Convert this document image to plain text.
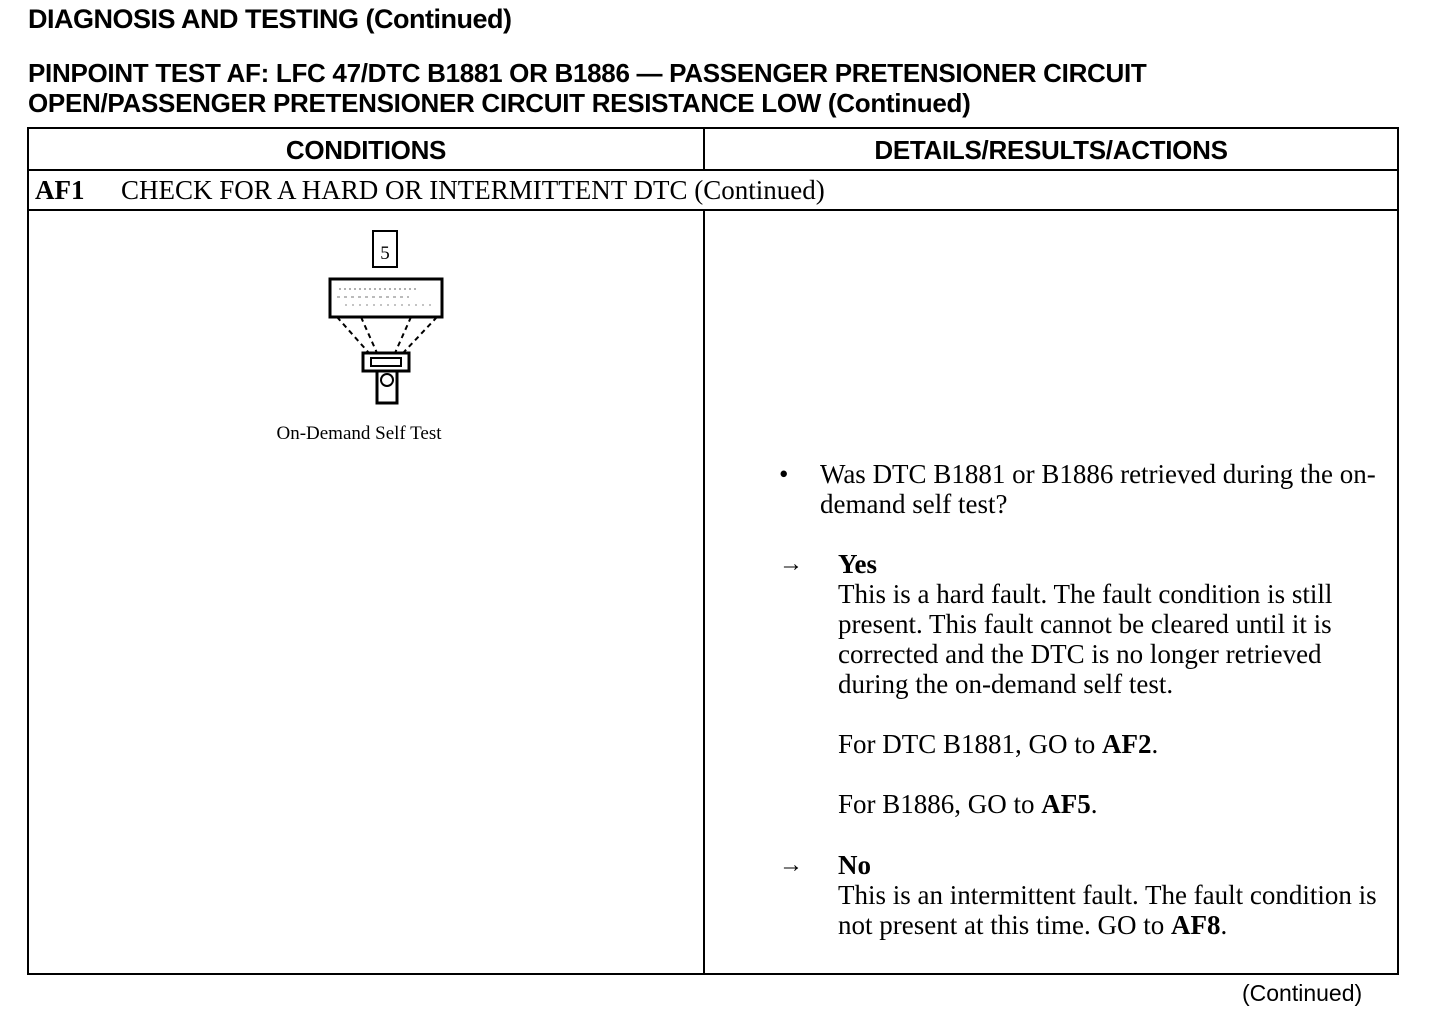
DIAGNOSIS AND TESTING (Continued)
PINPOINT TEST AF: LFC 47/DTC B1881 OR B1886 — PASSENGER PRETENSIONER CIRCUIT
OPEN/PASSENGER PRETENSIONER CIRCUIT RESISTANCE LOW (Continued)
CONDITIONS	DETAILS/RESULTS/ACTIONS
AF1 CHECK FOR A HARD OR INTERMITTENT DTC (Continued)
5
On-Demand Self Test
• Was DTC B1881 or B1886 retrieved during the on-demand self test?
→ Yes

This is a hard fault. The fault condition is still present. This fault cannot be cleared until it is corrected and the DTC is no longer retrieved during the on-demand self test.

For DTC B1881, GO to AF2.

For B1886, GO to AF5.

→ No

This is an intermittent fault. The fault condition is not present at this time. GO to AF8.

(Continued)
